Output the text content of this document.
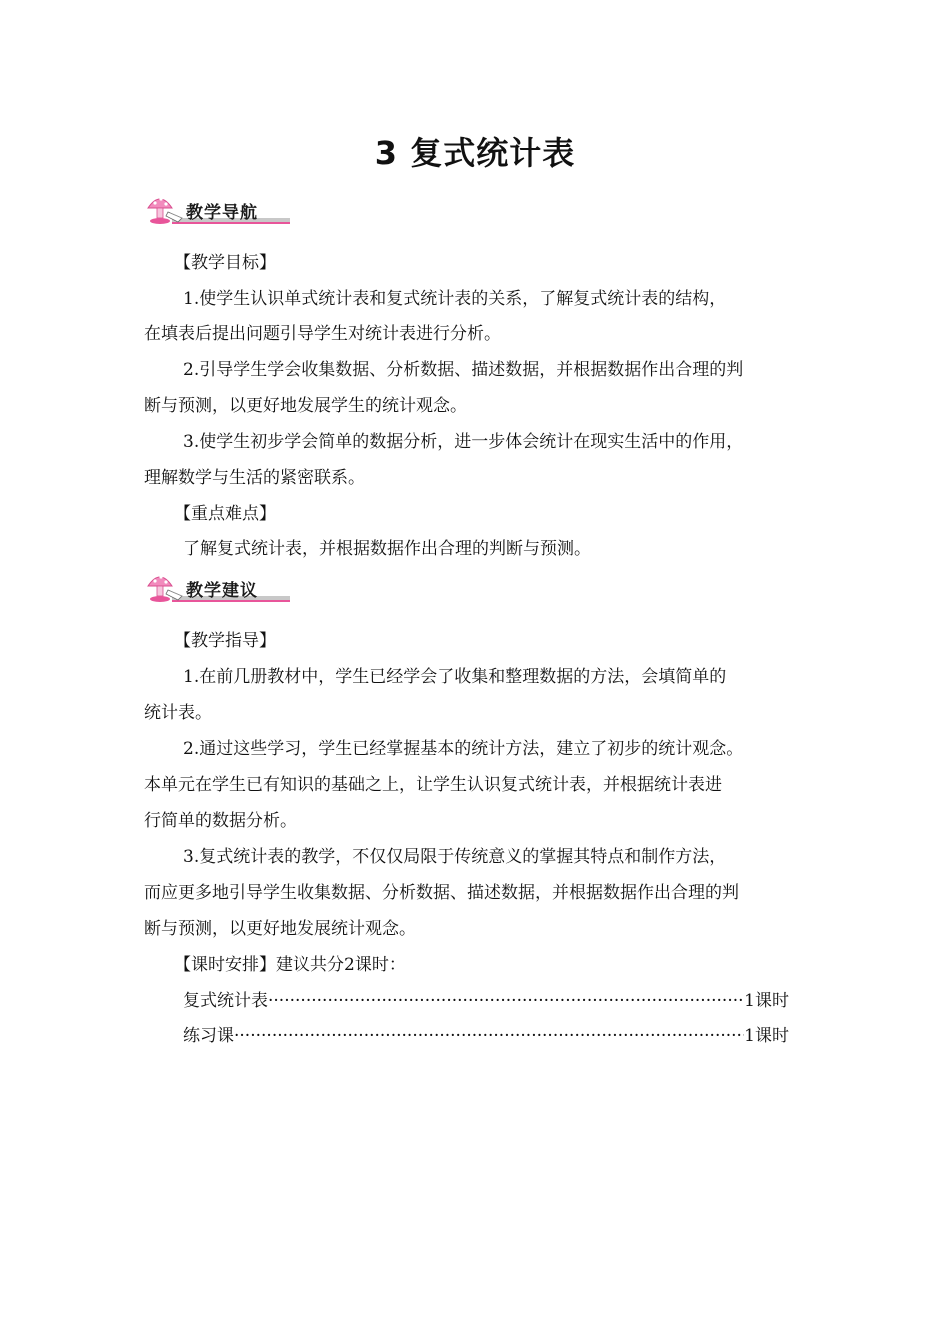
3 复式统计表
教学导航
【教学目标】
1.使学生认识单式统计表和复式统计表的关系，了解复式统计表的结构，
在填表后提出问题引导学生对统计表进行分析。
2.引导学生学会收集数据、分析数据、描述数据，并根据数据作出合理的判
断与预测，以更好地发展学生的统计观念。
3.使学生初步学会简单的数据分析，进一步体会统计在现实生活中的作用，
理解数学与生活的紧密联系。
【重点难点】
了解复式统计表，并根据数据作出合理的判断与预测。
教学建议
【教学指导】
1.在前几册教材中，学生已经学会了收集和整理数据的方法，会填简单的
统计表。
2.通过这些学习，学生已经掌握基本的统计方法，建立了初步的统计观念。
本单元在学生已有知识的基础之上，让学生认识复式统计表，并根据统计表进
行简单的数据分析。
3.复式统计表的教学，不仅仅局限于传统意义的掌握其特点和制作方法，
而应更多地引导学生收集数据、分析数据、描述数据，并根据数据作出合理的判
断与预测，以更好地发展统计观念。
【课时安排】建议共分2课时：
复式统计表 ·····	1课时
练习课 ·····	1课时
